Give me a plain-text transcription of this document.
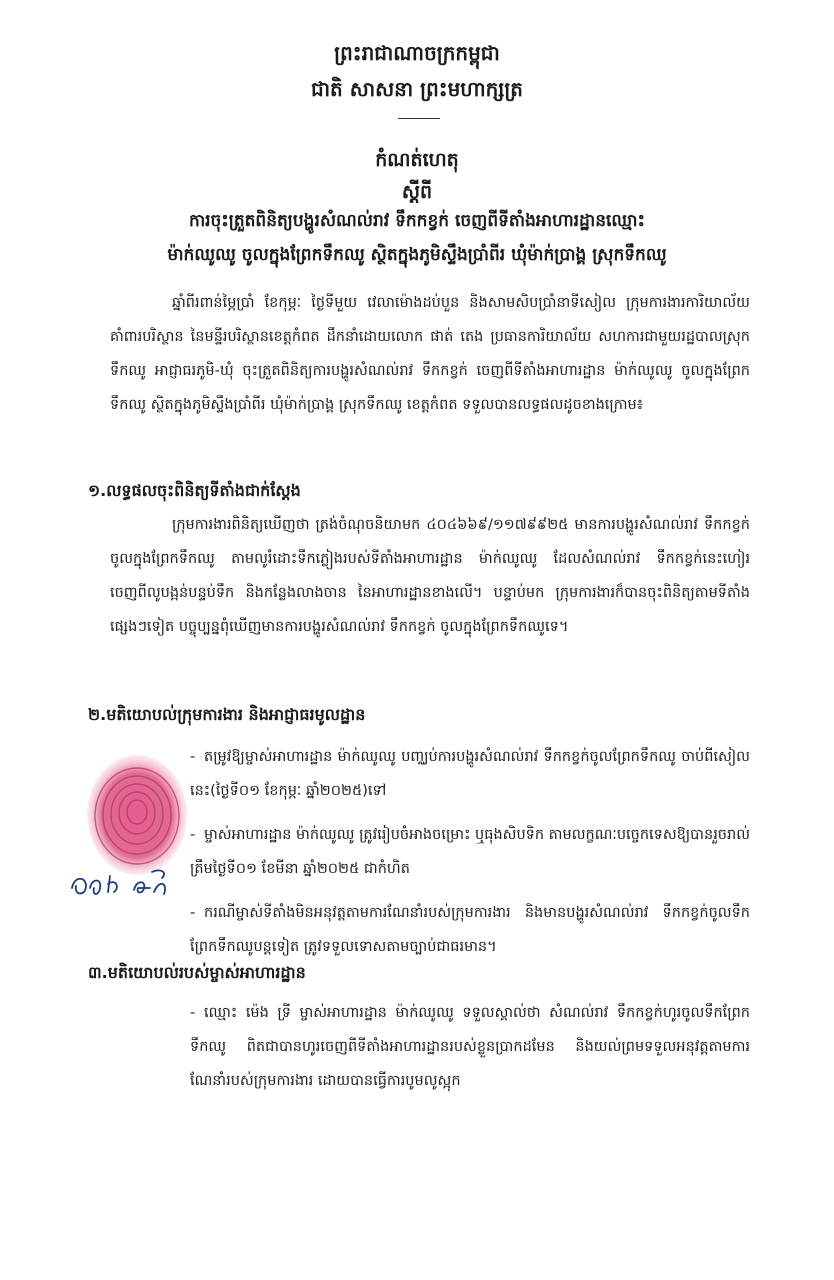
ព្រះរាជាណាចក្រកម្ពុជា
ជាតិ សាសនា ព្រះមហាក្សត្រ
កំណត់ហេតុ
ស្តីពី
ការចុះត្រួតពិនិត្យបង្ហូរសំណល់រាវ ទឹកកខ្វក់ ចេញពីទីតាំងអាហារដ្ឋានឈ្មោះ
ម៉ាក់ឈូឈូ ចូលក្នុងព្រែកទឹកឈូ ស្ថិតក្នុងភូមិស្ទឹងប្រាំពីរ ឃុំម៉ាក់ប្រាង្គ ស្រុកទឹកឈូ
ឆ្នាំពីរពាន់ម្ភៃប្រាំ ខែកុម្ភៈ ថ្ងៃទីមួយ វេលាម៉ោងដប់បួន និងសាមសិបប្រាំនាទីសៀល ក្រុមការងារការិយាល័យគាំពារបរិស្ថាន នៃមន្ទីរបរិស្ថានខេត្តកំពត ដឹកនាំដោយលោក ផាត់ តេង ប្រធានការិយាល័យ សហការជាមួយរដ្ឋបាលស្រុកទឹកឈូ អាជ្ញាធរភូមិ-ឃុំ ចុះត្រួតពិនិត្យការបង្ហូរសំណល់រាវ ទឹកកខ្វក់ ចេញពីទីតាំងអាហារដ្ឋាន ម៉ាក់ឈូឈូ ចូលក្នុងព្រែកទឹកឈូ ស្ថិតក្នុងភូមិស្ទឹងប្រាំពីរ ឃុំម៉ាក់ប្រាង្គ ស្រុកទឹកឈូ ខេត្តកំពត ទទួលបានលទ្ធផលដូចខាងក្រោម៖
១.លទ្ធផលចុះពិនិត្យទីតាំងជាក់ស្តែង
ក្រុមការងារពិនិត្យឃើញថា ត្រង់ចំណុចនិយាមក ៤០៤៦៦៩/១១៧៩៩២៥ មានការបង្ហូរសំណល់រាវ ទឹកកខ្វក់ចូលក្នុងព្រែកទឹកឈូ តាមលូរំដោះទឹកភ្លៀងរបស់ទីតាំងអាហារដ្ឋាន ម៉ាក់ឈូឈូ ដែលសំណល់រាវ ទឹកកខ្វក់នេះហៀរចេញពីលូបង្អន់បន្ទប់ទឹក និងកន្លែងលាងចាន នៃអាហារដ្ឋានខាងលើ។ បន្ទាប់មក ក្រុមការងារក៏បានចុះពិនិត្យតាមទីតាំងផ្សេងៗទៀត បច្ចុប្បន្នពុំឃើញមានការបង្ហូរសំណល់រាវ ទឹកកខ្វក់ ចូលក្នុងព្រែកទឹកឈូទេ។
២.មតិយោបល់ក្រុមការងារ និងអាជ្ញាធរមូលដ្ឋាន
- តម្រូវឱ្យម្ចាស់អាហារដ្ឋាន ម៉ាក់ឈូឈូ បញ្ឈប់ការបង្ហូរសំណល់រាវ ទឹកកខ្វក់ចូលព្រែកទឹកឈូ ចាប់ពីសៀលនេះ(ថ្ងៃទី០១ ខែកុម្ភៈ ឆ្នាំ២០២៥)ទៅ
- ម្ចាស់អាហារដ្ឋាន ម៉ាក់ឈូឈូ ត្រូវរៀបចំអាងចម្រោះ ឬធុងសិបទិក តាមលក្ខណៈបច្ចេកទេសឱ្យបានរួចរាល់ ត្រឹមថ្ងៃទី០១ ខែមីនា ឆ្នាំ២០២៥ ជាកំហិត
- ករណីម្ចាស់ទីតាំងមិនអនុវត្តតាមការណែនាំរបស់ក្រុមការងារ និងមានបង្ហូរសំណល់រាវ ទឹកកខ្វក់ចូលទឹកព្រែកទឹកឈូបន្តទៀត ត្រូវទទួលទោសតាមច្បាប់ជាធរមាន។
៣.មតិយោបល់របស់ម្ចាស់អាហារដ្ឋាន
- ឈ្មោះ ម៉េង ទ្រី ម្ចាស់អាហារដ្ឋាន ម៉ាក់ឈូឈូ ទទួលស្គាល់ថា សំណល់រាវ ទឹកកខ្វក់ហូរចូលទឹកព្រែកទឹកឈូ ពិតជាបានហូរចេញពីទីតាំងអាហារដ្ឋានរបស់ខ្លួនប្រាកដមែន និងយល់ព្រមទទួលអនុវត្តតាមការណែនាំរបស់ក្រុមការងារ ដោយបានធ្វើការបូមលូស្អុក
